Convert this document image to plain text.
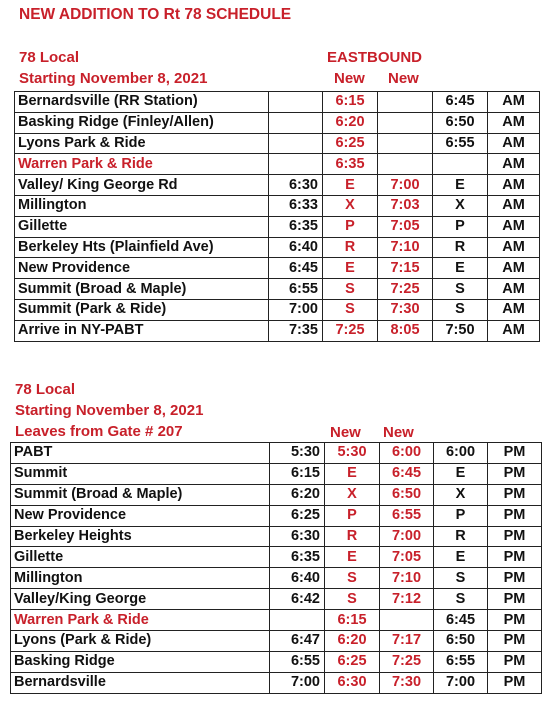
NEW ADDITION TO Rt 78 SCHEDULE
78 Local
Starting November 8, 2021
EASTBOUND
New New
Bernardsville (RR Station)		6:15		6:45	AM
Basking Ridge (Finley/Allen)		6:20		6:50	AM
Lyons Park & Ride		6:25		6:55	AM
Warren Park & Ride		6:35			AM
Valley/ King George Rd	6:30	E	7:00	E	AM
Millington	6:33	X	7:03	X	AM
Gillette	6:35	P	7:05	P	AM
Berkeley Hts (Plainfield Ave)	6:40	R	7:10	R	AM
New Providence	6:45	E	7:15	E	AM
Summit (Broad & Maple)	6:55	S	7:25	S	AM
Summit (Park & Ride)	7:00	S	7:30	S	AM
Arrive in NY-PABT	7:35	7:25	8:05	7:50	AM
78 Local
Starting November 8, 2021
Leaves from Gate # 207	New New
PABT	5:30	5:30	6:00	6:00	PM
Summit	6:15	E	6:45	E	PM
Summit (Broad & Maple)	6:20	X	6:50	X	PM
New Providence	6:25	P	6:55	P	PM
Berkeley Heights	6:30	R	7:00	R	PM
Gillette	6:35	E	7:05	E	PM
Millington	6:40	S	7:10	S	PM
Valley/King George	6:42	S	7:12	S	PM
Warren Park & Ride		6:15		6:45	PM
Lyons (Park & Ride)	6:47	6:20	7:17	6:50	PM
Basking Ridge	6:55	6:25	7:25	6:55	PM
Bernardsville	7:00	6:30	7:30	7:00	PM
